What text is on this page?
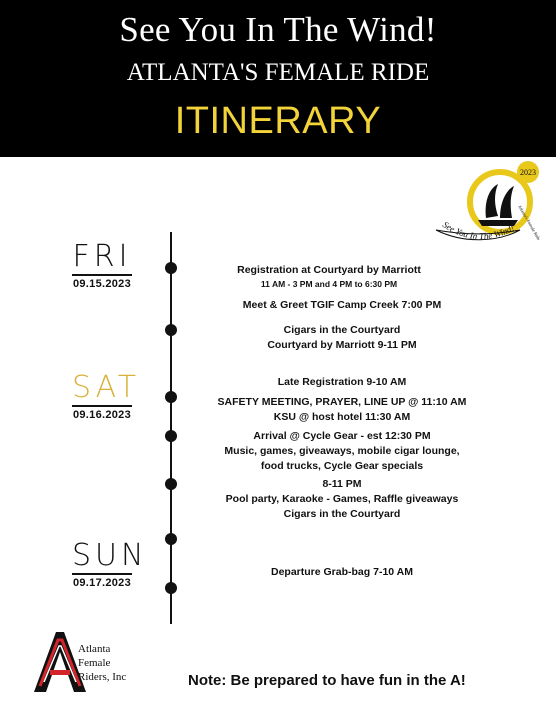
See You In The Wind!
ATLANTA'S FEMALE RIDE
ITINERARY
2023
Atlanta's Female Ride
See You In The Wind!
FRI
09.15.2023
SAT
09.16.2023
SUN
09.17.2023
Registration at Courtyard by Marriott
11 AM - 3 PM and 4 PM to 6:30 PM
Meet & Greet TGIF Camp Creek 7:00 PM
Cigars in the Courtyard
Courtyard by Marriott 9-11 PM
Late Registration 9-10 AM
SAFETY MEETING, PRAYER, LINE UP @ 11:10 AM
KSU @ host hotel 11:30 AM
Arrival @ Cycle Gear - est 12:30 PM
Music, games, giveaways, mobile cigar lounge,
food trucks, Cycle Gear specials
8-11 PM
Pool party, Karaoke - Games, Raffle giveaways
Cigars in the Courtyard
Departure Grab-bag 7-10 AM
Atlanta
Female
Riders, Inc	Note: Be prepared to have fun in the A!
